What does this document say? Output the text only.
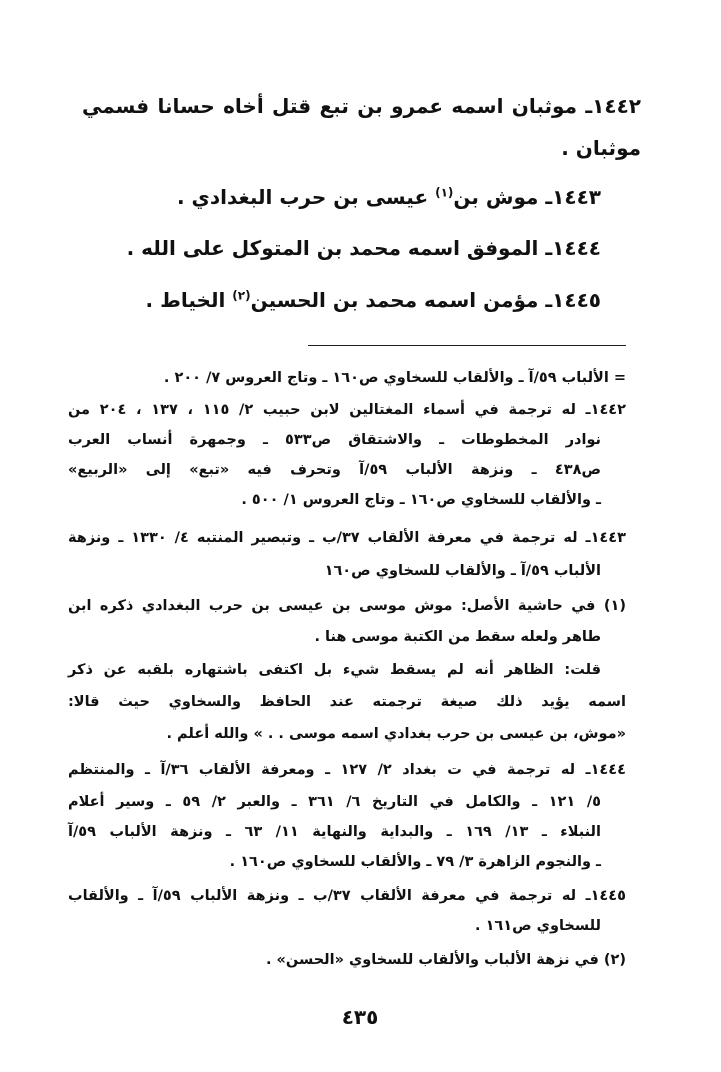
١٤٤٢ـ موثبان اسمه عمرو بن تبع قتل أخاه حسانا فسمي
موثبان .
١٤٤٣ـ موش بن$^{(١)}$ عيسى بن حرب البغدادي .
١٤٤٤ـ الموفق اسمه محمد بن المتوكل على الله .
١٤٤٥ـ مؤمن اسمه محمد بن الحسين$^{(٢)}$ الخياط .
= الألباب ٥٩/آ ـ والألقاب للسخاوي ص١٦٠ ـ وتاج العروس ٧/ ٢٠٠ .
١٤٤٢ـ له ترجمة في أسماء المغتالين لابن حبيب ٢/ ١١٥ ، ١٣٧ ، ٢٠٤ من
نوادر المخطوطات ـ والاشتقاق ص٥٣٣ ـ وجمهرة أنساب العرب
ص٤٣٨ ـ ونزهة الألباب ٥٩/آ وتحرف فيه «تبع» إلى «الربيع»
ـ والألقاب للسخاوي ص١٦٠ ـ وتاج العروس ١/ ٥٠٠ .
١٤٤٣ـ له ترجمة في معرفة الألقاب ٣٧/ب ـ وتبصير المنتبه ٤/ ١٣٣٠ ـ ونزهة
الألباب ٥٩/آ ـ والألقاب للسخاوي ص١٦٠
(١) في حاشية الأصل: موش موسى بن عيسى بن حرب البغدادي ذكره ابن
طاهر ولعله سقط من الكتبة موسى هنا .
قلت: الظاهر أنه لم يسقط شيء بل اكتفى باشتهاره بلقبه عن ذكر
اسمه يؤيد ذلك صيغة ترجمته عند الحافظ والسخاوي حيث قالا:
«موش، بن عيسى بن حرب بغدادي اسمه موسى . . » والله أعلم .
١٤٤٤ـ له ترجمة في ت بغداد ٢/ ١٢٧ ـ ومعرفة الألقاب ٣٦/آ ـ والمنتظم
٥/ ١٢١ ـ والكامل في التاريخ ٦/ ٣٦١ ـ والعبر ٢/ ٥٩ ـ وسير أعلام
النبلاء ـ ١٣/ ١٦٩ ـ والبداية والنهاية ١١/ ٦٣ ـ ونزهة الألباب ٥٩/آ
ـ والنجوم الزاهرة ٣/ ٧٩ ـ والألقاب للسخاوي ص١٦٠ .
١٤٤٥ـ له ترجمة في معرفة الألقاب ٣٧/ب ـ ونزهة الألباب ٥٩/آ ـ والألقاب
للسخاوي ص١٦١ .
(٢) في نزهة الألباب والألقاب للسخاوي «الحسن» .
٤٣٥
